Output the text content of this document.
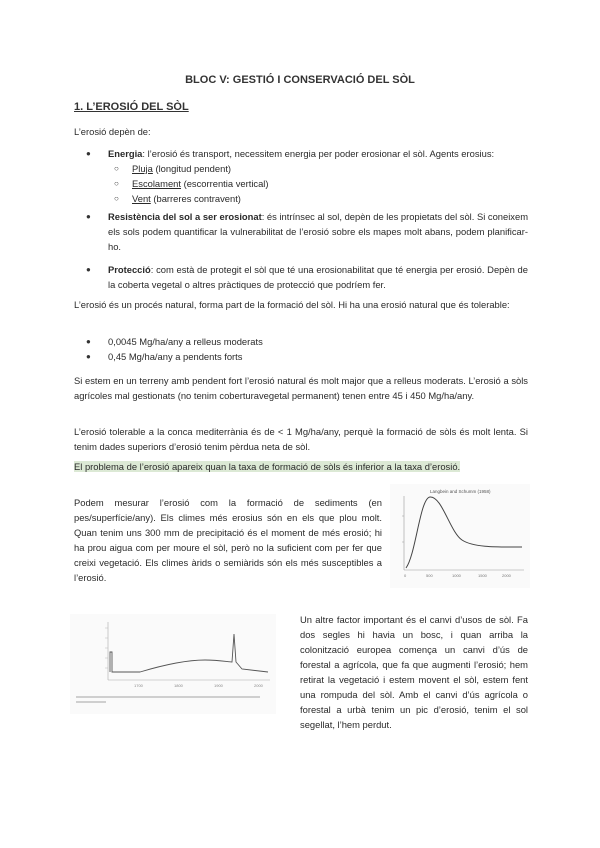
BLOC V: GESTIÓ I CONSERVACIÓ DEL SÒL
1. L’EROSIÓ DEL SÒL

L’erosió depèn de:

● Energia: l’erosió és transport, necessitem energia per poder erosionar el sòl. Agents erosius:
○ Pluja (longitud pendent)
○ Escolament (escorrentia vertical)
○ Vent (barreres contravent)
● Resistència del sol a ser erosionat: és intrínsec al sol, depèn de les propietats del sòl. Si coneixem els sols podem quantificar la vulnerabilitat de l’erosió sobre els mapes molt abans, podem planificar-ho.
● Protecció: com està de protegit el sòl que té una erosionabilitat que té energia per erosió. Depèn de la coberta vegetal o altres pràctiques de protecció que podríem fer.

L’erosió és un procés natural, forma part de la formació del sòl. Hi ha una erosió natural que és tolerable:

● 0,0045 Mg/ha/any a relleus moderats
● 0,45 Mg/ha/any a pendents forts

Si estem en un terreny amb pendent fort l’erosió natural és molt major que a relleus moderats. L’erosió a sòls agrícoles mal gestionats (no tenim coberturavegetal permanent) tenen entre 45 i 450 Mg/ha/any.

L’erosió tolerable a la conca mediterrània és de < 1 Mg/ha/any, perquè la formació de sòls és molt lenta. Si tenim dades superiors d’erosió tenim pèrdua neta de sòl.

El problema de l’erosió apareix quan la taxa de formació de sòls és inferior a la taxa d’erosió.

Podem mesurar l’erosió com la formació de sediments (en pes/superfície/any). Els climes més erosius són en els que plou molt. Quan tenim uns 300 mm de precipitació és el moment de més erosió; hi ha prou aigua com per moure el sòl, però no la suficient com per fer que creixi vegetació. Els climes àrids o semiàrids són els més susceptibles a l’erosió.

Langbein and Schumm (1958)
0	500	1000	1500	2000
1700	1800	1900	2000

Un altre factor important és el canvi d’usos de sòl. Fa dos segles hi havia un bosc, i quan arriba la colonització europea comença un canvi d’ús de forestal a agrícola, que fa que augmenti l’erosió; hem retirat la vegetació i estem movent el sòl, estem fent una rompuda del sòl. Amb el canvi d’ús agrícola o forestal a urbà tenim un pic d’erosió, tenim el sol segellat, l’hem perdut.
